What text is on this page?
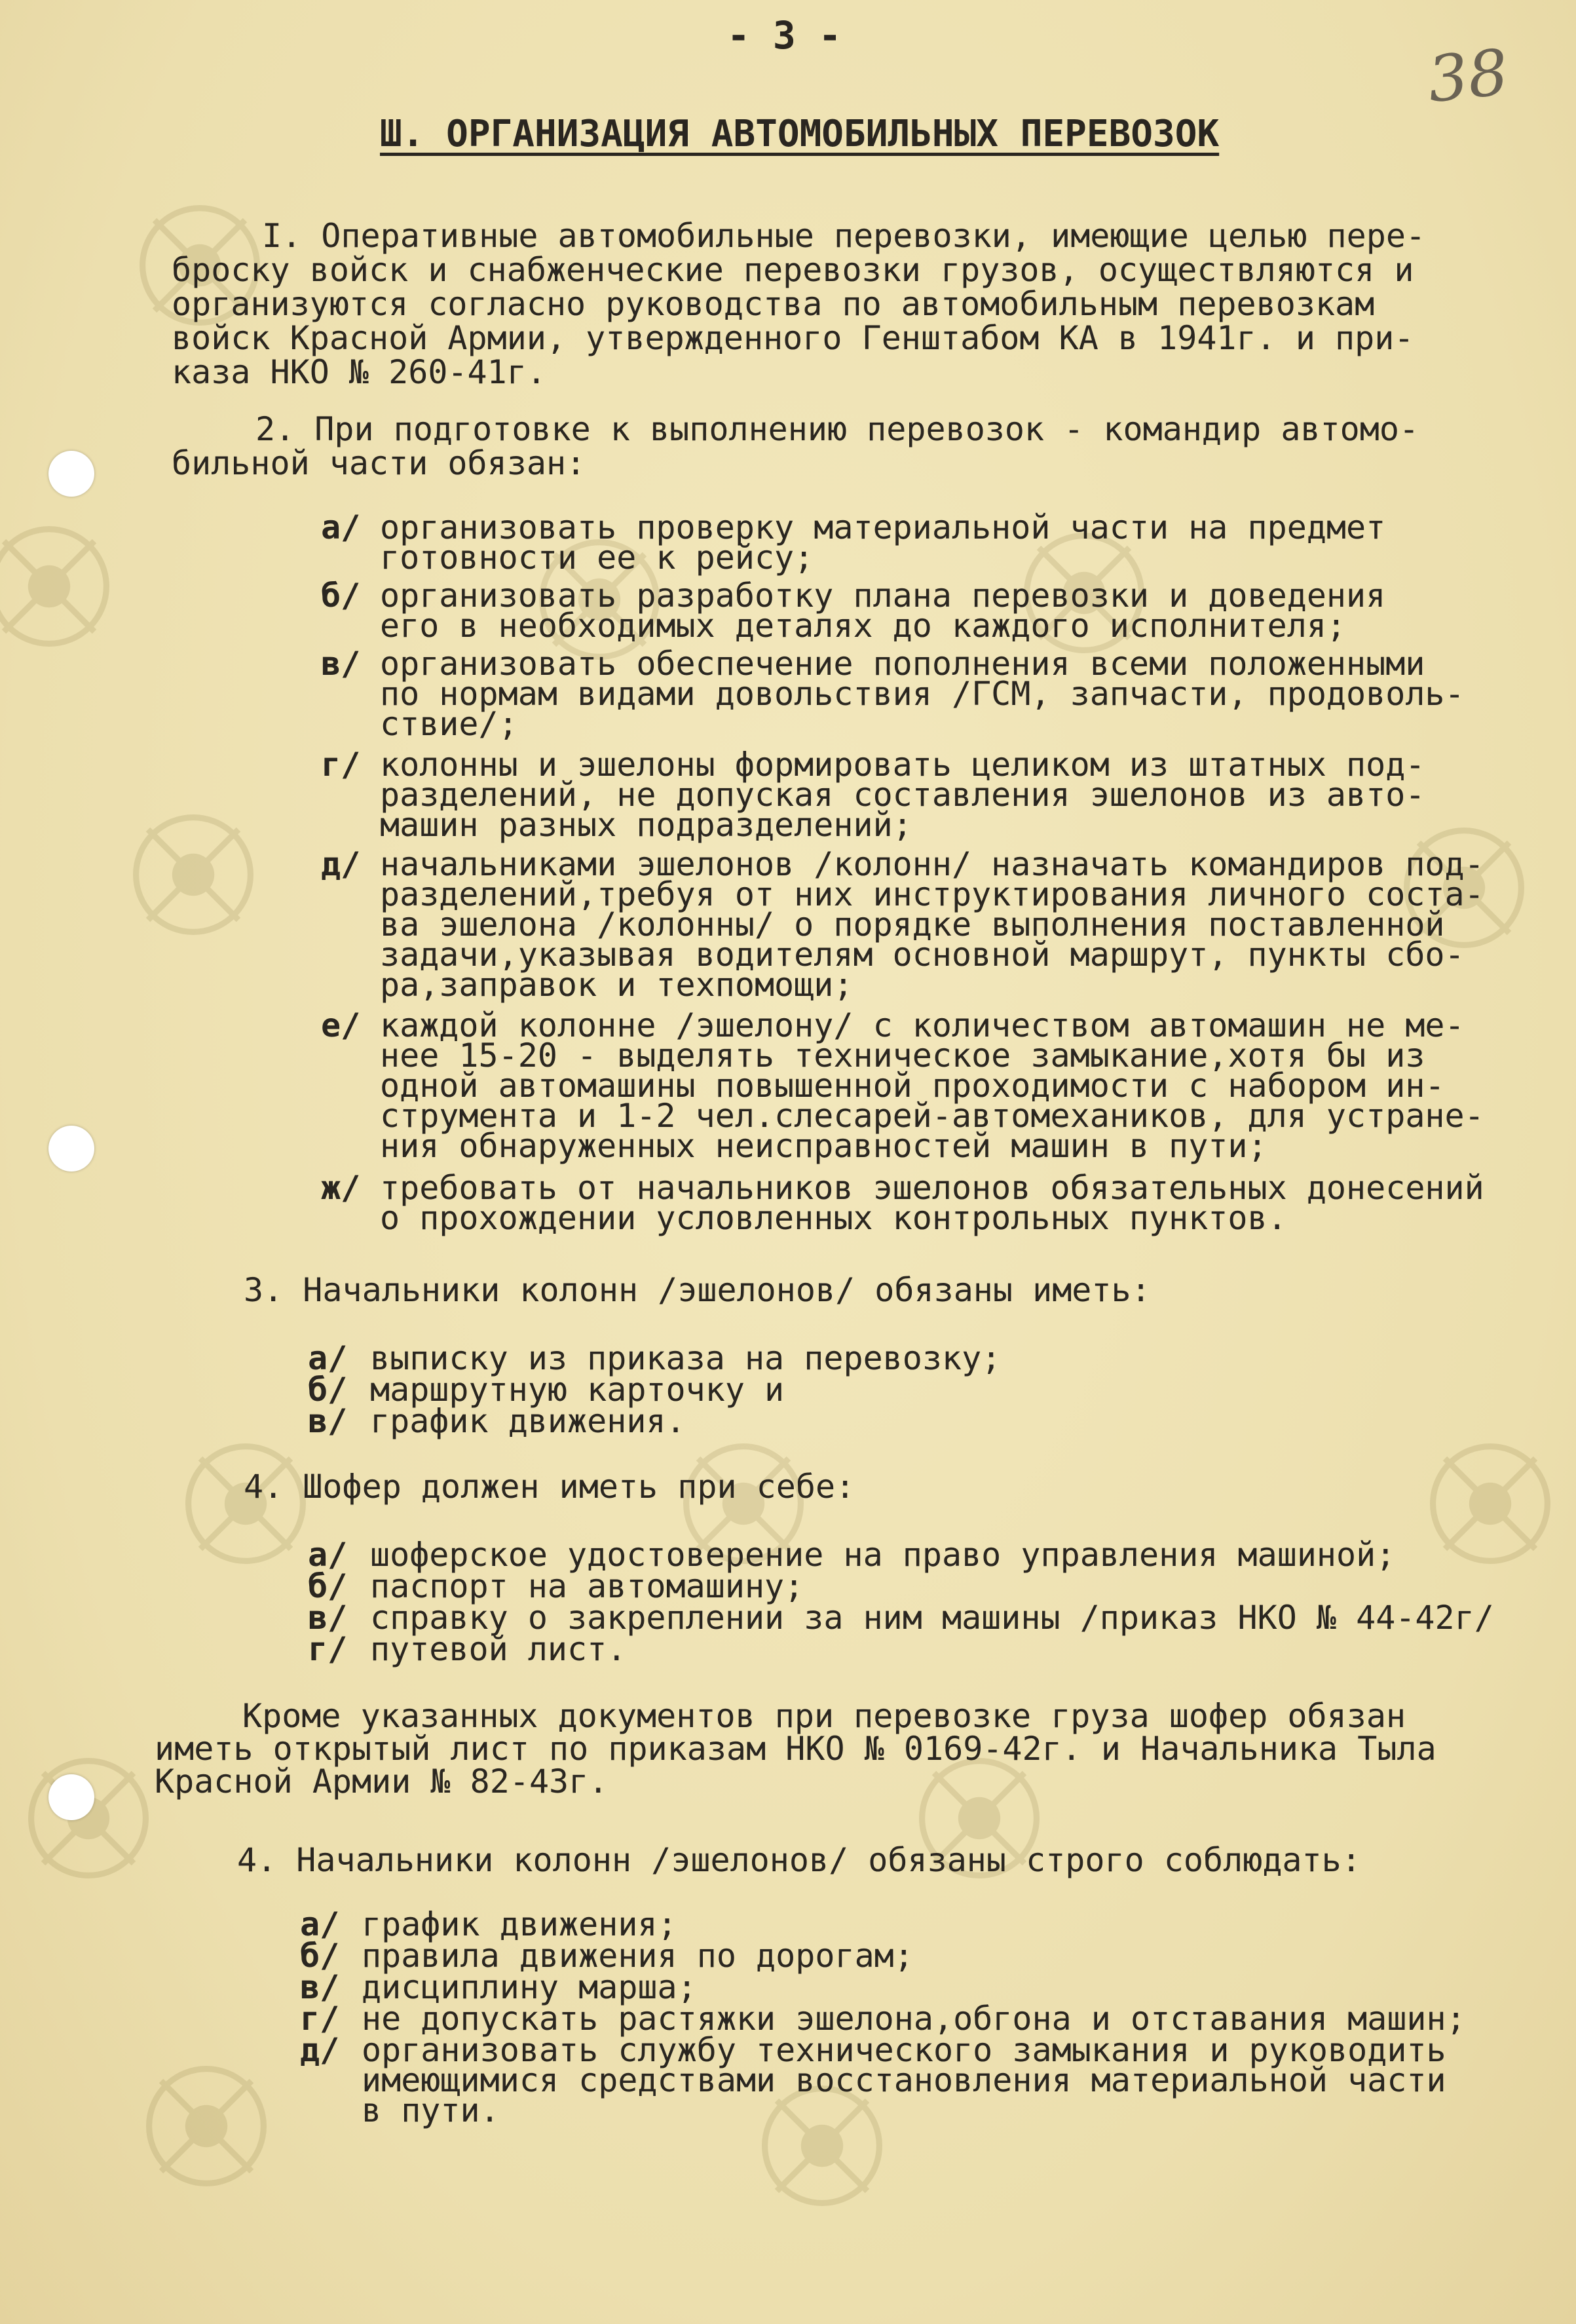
- 3 -	38
Ш. ОРГАНИЗАЦИЯ АВТОМОБИЛЬНЫХ ПЕРЕВОЗОК
I. Оперативные автомобильные перевозки, имеющие целью пере-
броску войск и снабженческие перевозки грузов, осуществляются и
организуются согласно руководства по автомобильным перевозкам
войск Красной Армии, утвержденного Генштабом КА в 1941г. и при-
каза НКО № 260-41г.
2. При подготовке к выполнению перевозок - командир автомо-
бильной части обязан:
а/ организовать проверку материальной части на предмет
готовности ее к рейсу;
б/ организовать разработку плана перевозки и доведения
его в необходимых деталях до каждого исполнителя;
в/ организовать обеспечение пополнения всеми положенными
по нормам видами довольствия /ГСМ, запчасти, продоволь-
ствие/;
г/ колонны и эшелоны формировать целиком из штатных под-
разделений, не допуская составления эшелонов из авто-
машин разных подразделений;
д/ начальниками эшелонов /колонн/ назначать командиров под-
разделений,требуя от них инструктирования личного соста-
ва эшелона /колонны/ о порядке выполнения поставленной
задачи,указывая водителям основной маршрут, пункты сбо-
ра,заправок и техпомощи;
е/ каждой колонне /эшелону/ с количеством автомашин не ме-
нее 15-20 - выделять техническое замыкание,хотя бы из
одной автомашины повышенной проходимости с набором ин-
струмента и 1-2 чел.слесарей-автомехаников, для устране-
ния обнаруженных неисправностей машин в пути;
ж/ требовать от начальников эшелонов обязательных донесений
о прохождении условленных контрольных пунктов.
3. Начальники колонн /эшелонов/ обязаны иметь:
а/ выписку из приказа на перевозку;
б/ маршрутную карточку и
в/ график движения.
4. Шофер должен иметь при себе:
а/ шоферское удостоверение на право управления машиной;
б/ паспорт на автомашину;
в/ справку о закреплении за ним машины /приказ НКО № 44-42г/
г/ путевой лист.
Кроме указанных документов при перевозке груза шофер обязан
иметь открытый лист по приказам НКО № 0169-42г. и Начальника Тыла
Красной Армии № 82-43г.
4. Начальники колонн /эшелонов/ обязаны строго соблюдать:
а/ график движения;
б/ правила движения по дорогам;
в/ дисциплину марша;
г/ не допускать растяжки эшелона,обгона и отставания машин;
д/ организовать службу технического замыкания и руководить
имеющимися средствами восстановления материальной части
в пути.
